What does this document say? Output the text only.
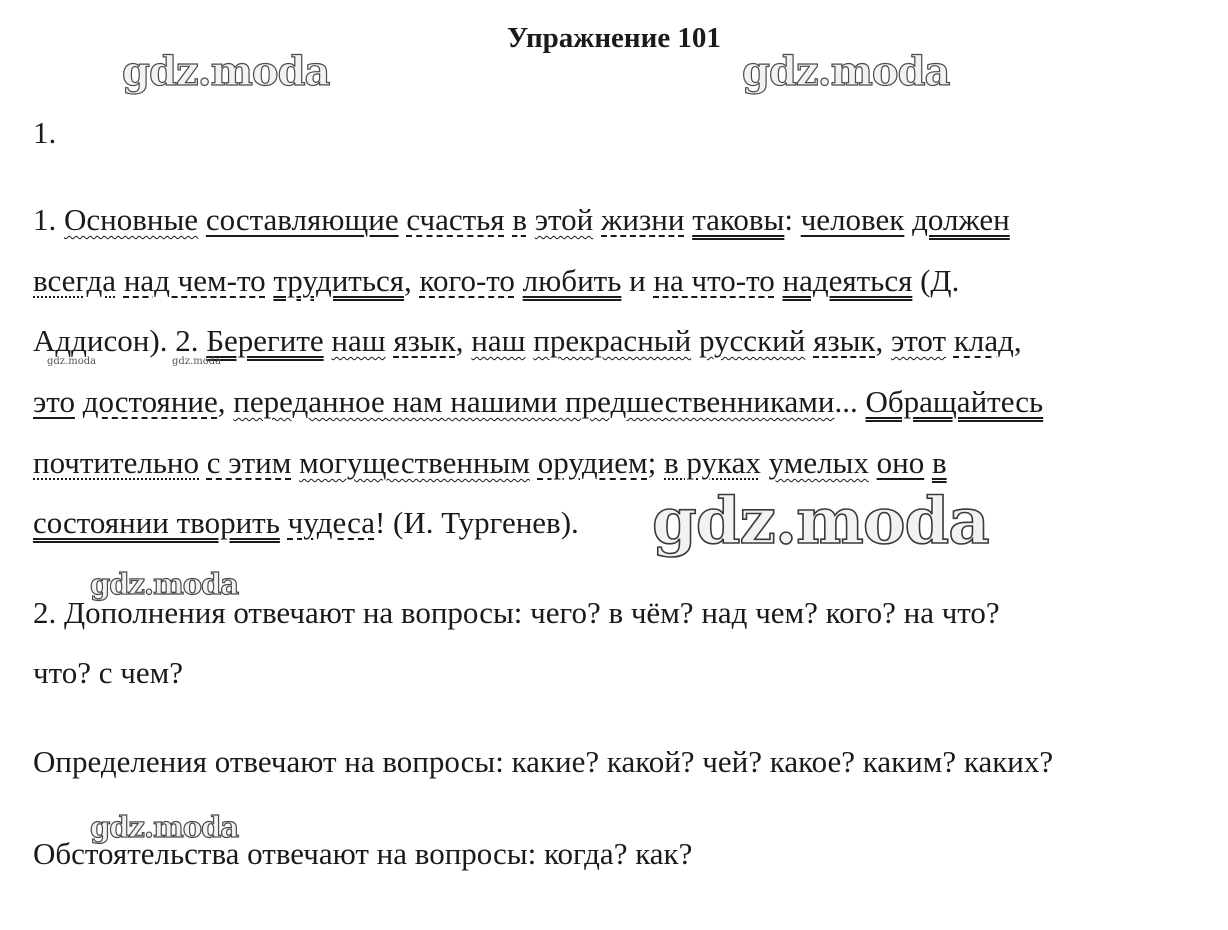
Упражнение 101

1.

1. Основные составляющие счастья в этой жизни таковы: человек должен

всегда над чем-то трудиться, кого-то любить и на что-то надеяться (Д.

Аддисон). 2. Берегите наш язык, наш прекрасный русский язык, этот клад,

это достояние, переданное нам нашими предшественниками... Обращайтесь

почтительно с этим могущественным орудием; в руках умелых оно в

состоянии творить чудеса! (И. Тургенев).

2. Дополнения отвечают на вопросы: чего? в чём? над чем? кого? на что?

что? с чем?

Определения отвечают на вопросы: какие? какой? чей? какое? каким? каких?

Обстоятельства отвечают на вопросы: когда? как?

gdz.moda	gdz.moda
gdz.moda
gdz.moda
gdz.moda
gdz.moda	gdz.moda
